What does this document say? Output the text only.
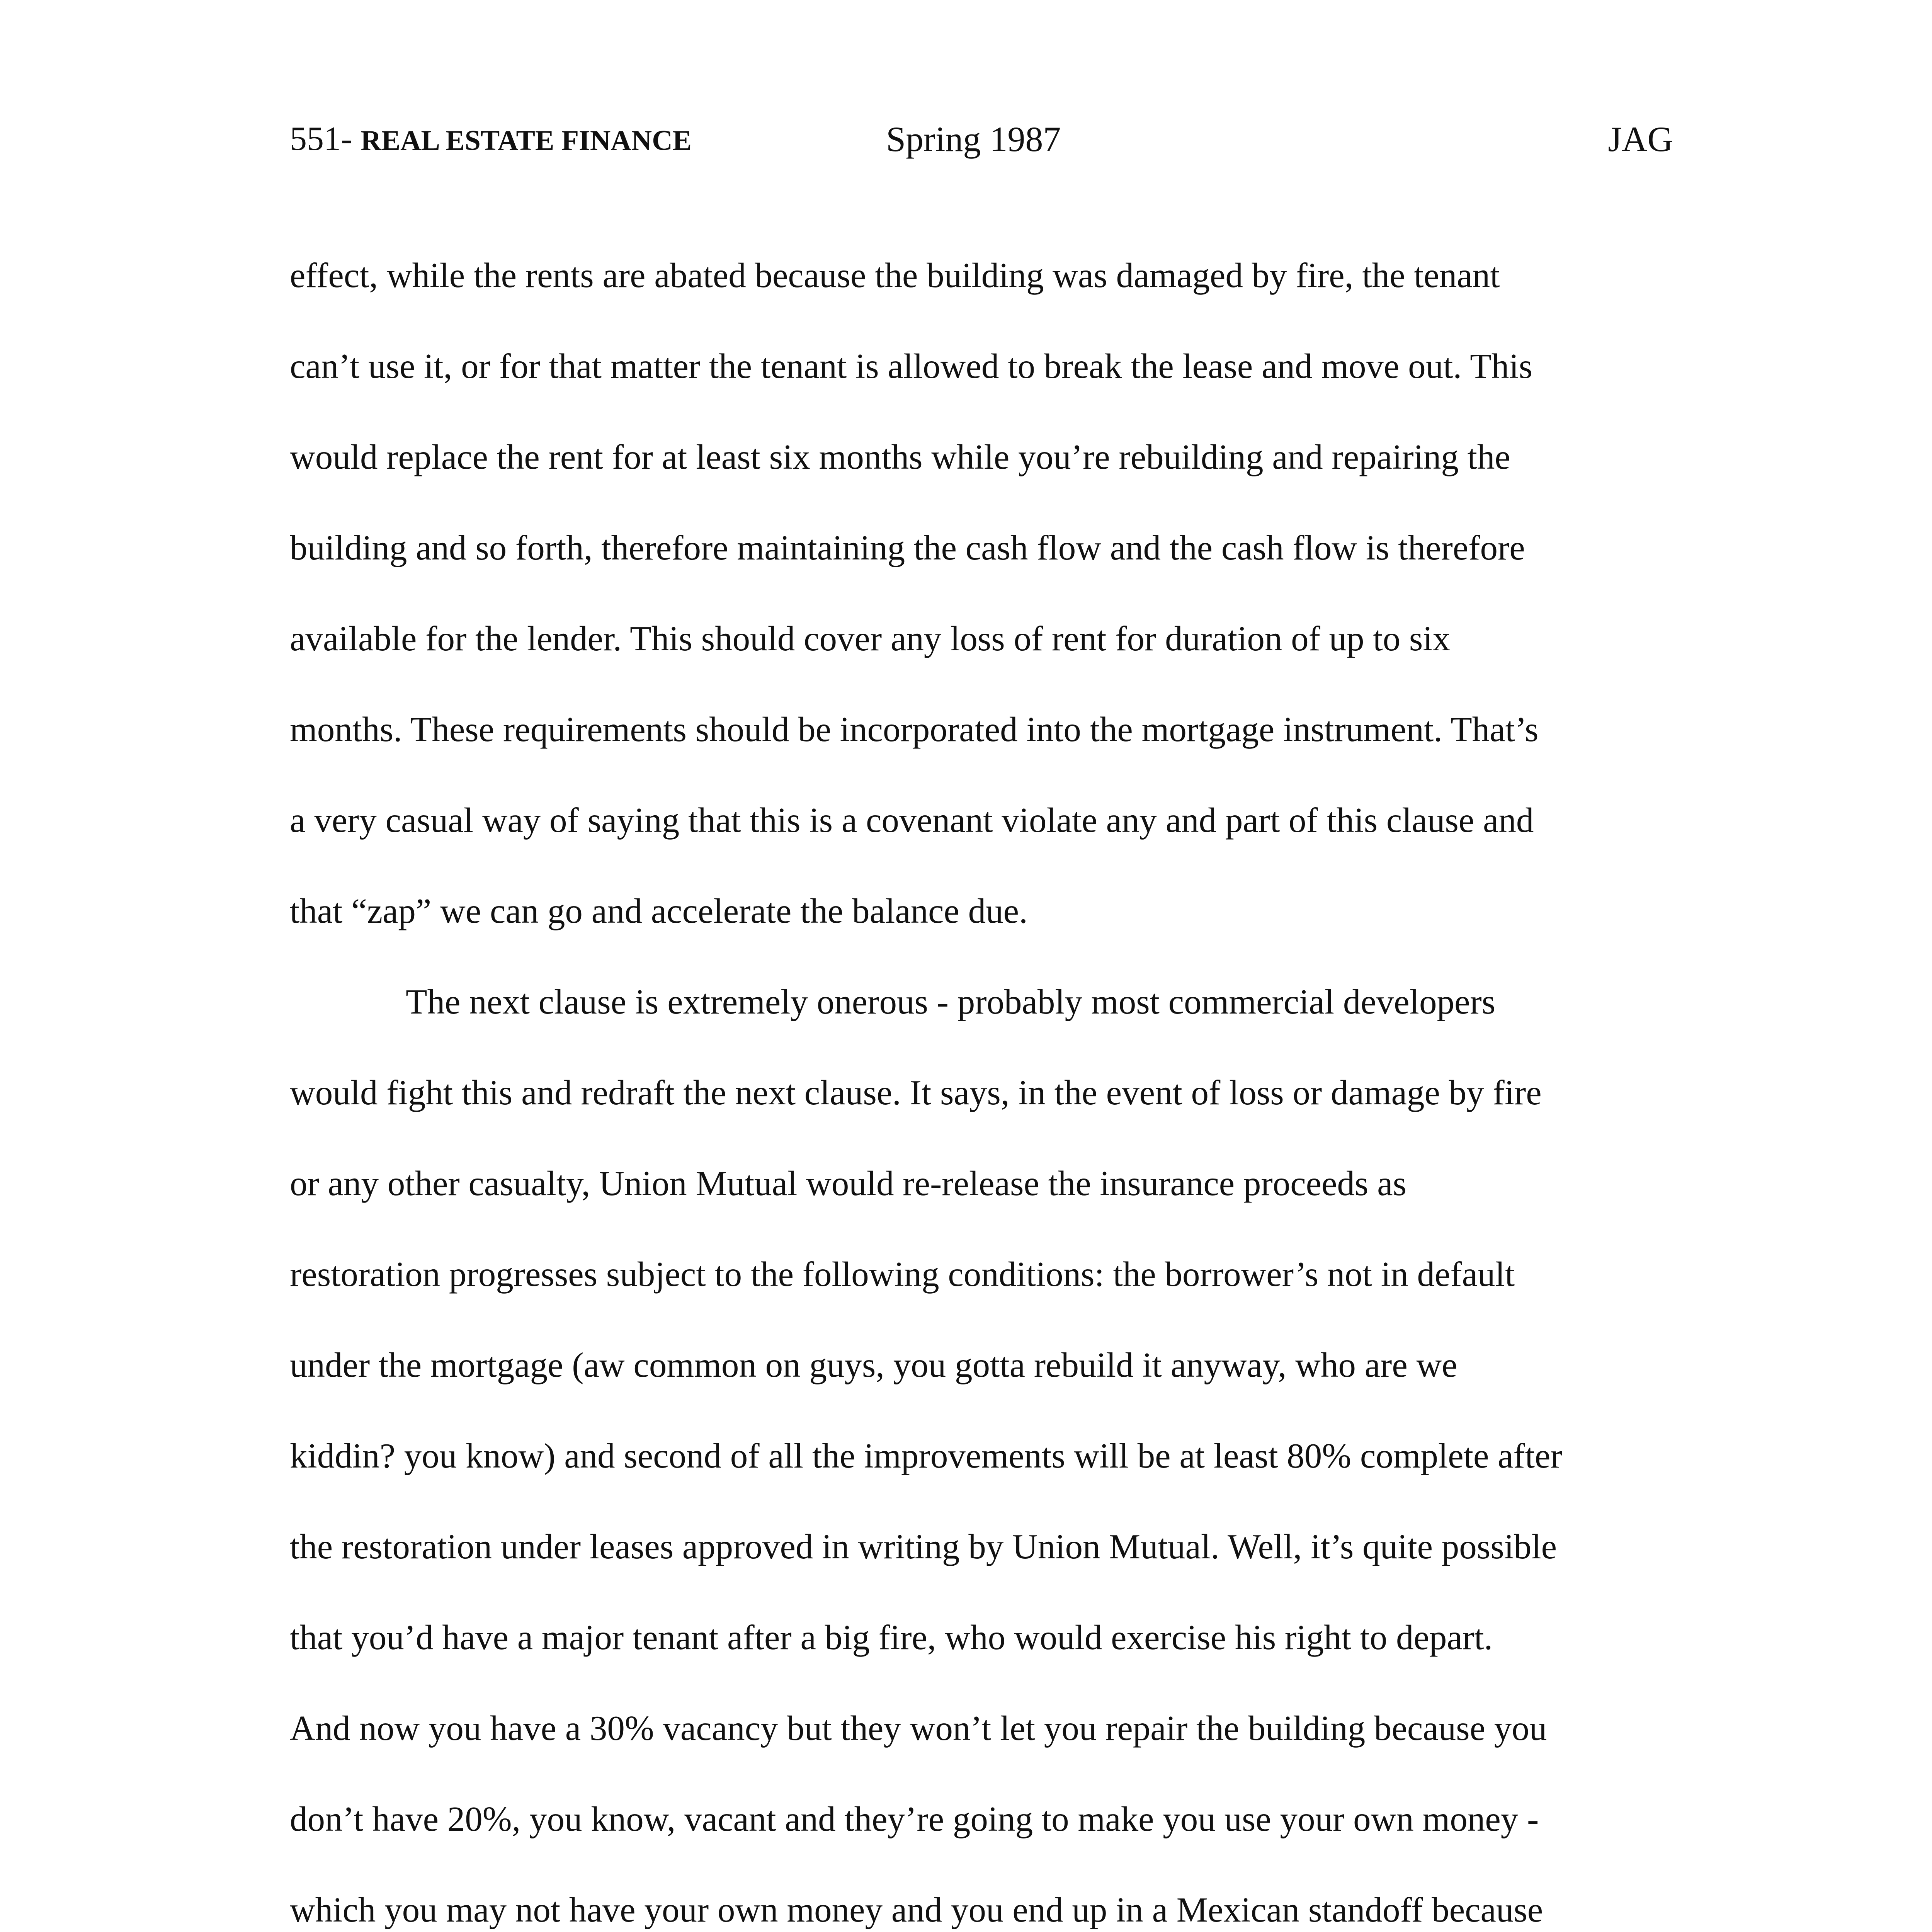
551- REAL ESTATE FINANCE	Spring 1987	JAG
effect, while the rents are abated because the building was damaged by fire, the tenant
can’t use it, or for that matter the tenant is allowed to break the lease and move out. This
would replace the rent for at least six months while you’re rebuilding and repairing the
building and so forth, therefore maintaining the cash flow and the cash flow is therefore
available for the lender. This should cover any loss of rent for duration of up to six
months. These requirements should be incorporated into the mortgage instrument. That’s
a very casual way of saying that this is a covenant violate any and part of this clause and
that “zap” we can go and accelerate the balance due.
The next clause is extremely onerous - probably most commercial developers
would fight this and redraft the next clause. It says, in the event of loss or damage by fire
or any other casualty, Union Mutual would re-release the insurance proceeds as
restoration progresses subject to the following conditions: the borrower’s not in default
under the mortgage (aw common on guys, you gotta rebuild it anyway, who are we
kiddin? you know) and second of all the improvements will be at least 80% complete after
the restoration under leases approved in writing by Union Mutual. Well, it’s quite possible
that you’d have a major tenant after a big fire, who would exercise his right to depart.
And now you have a 30% vacancy but they won’t let you repair the building because you
don’t have 20%, you know, vacant and they’re going to make you use your own money -
which you may not have your own money and you end up in a Mexican standoff because
